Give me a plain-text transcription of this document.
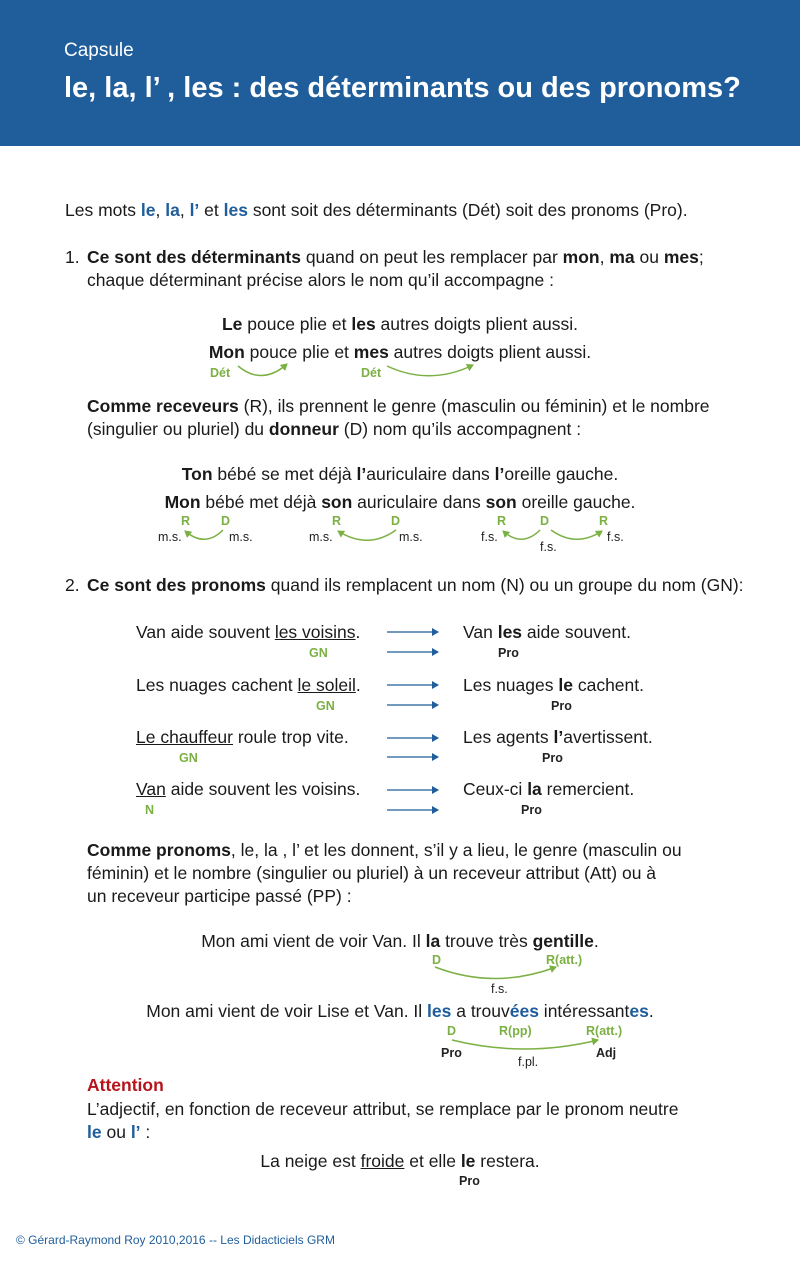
Capsule
le, la, l’ , les : des déterminants ou des pronoms?
Les mots le, la, l’ et les sont soit des déterminants (Dét) soit des pronoms (Pro).
1. Ce sont des déterminants quand on peut les remplacer par mon, ma ou mes;
chaque déterminant précise alors le nom qu’il accompagne :
Le pouce plie et les autres doigts plient aussi.
Mon pouce plie et mes autres doigts plient aussi.
Dét	Dét
Comme receveurs (R), ils prennent le genre (masculin ou féminin) et le nombre
(singulier ou pluriel) du donneur (D) nom qu’ils accompagnent :
Ton bébé se met déjà l’auriculaire dans l’oreille gauche.
Mon bébé met déjà son auriculaire dans son oreille gauche.
R D
m.s.	m.s.
R	D
m.s.	m.s.
R	D	R
f.s.
f.s.
f.s.
2. Ce sont des pronoms quand ils remplacent un nom (N) ou un groupe du nom (GN):
Van aide souvent les voisins.
GN
Van les aide souvent.
Pro
Les nuages cachent le soleil.
GN
Les nuages le cachent.
Pro
Le chauffeur roule trop vite.
GN
Les agents l’avertissent.
Pro
Van aide souvent les voisins.
N
Ceux-ci la remercient.
Pro
Comme pronoms, le, la , l’ et les donnent, s’il y a lieu, le genre (masculin ou
féminin) et le nombre (singulier ou pluriel) à un receveur attribut (Att) ou à
un receveur participe passé (PP) :
Mon ami vient de voir Van. Il la trouve très gentille.
D	R(att.)
f.s.
Mon ami vient de voir Lise et Van. Il les a trouvées intéressantes.
D	R(pp)	R(att.)
Pro	Adj
f.pl.
Attention
L’adjectif, en fonction de receveur attribut, se remplace par le pronom neutre
le ou l’ :
La neige est froide et elle le restera.
Pro
© Gérard-Raymond Roy 2010,2016 -- Les Didacticiels GRM
